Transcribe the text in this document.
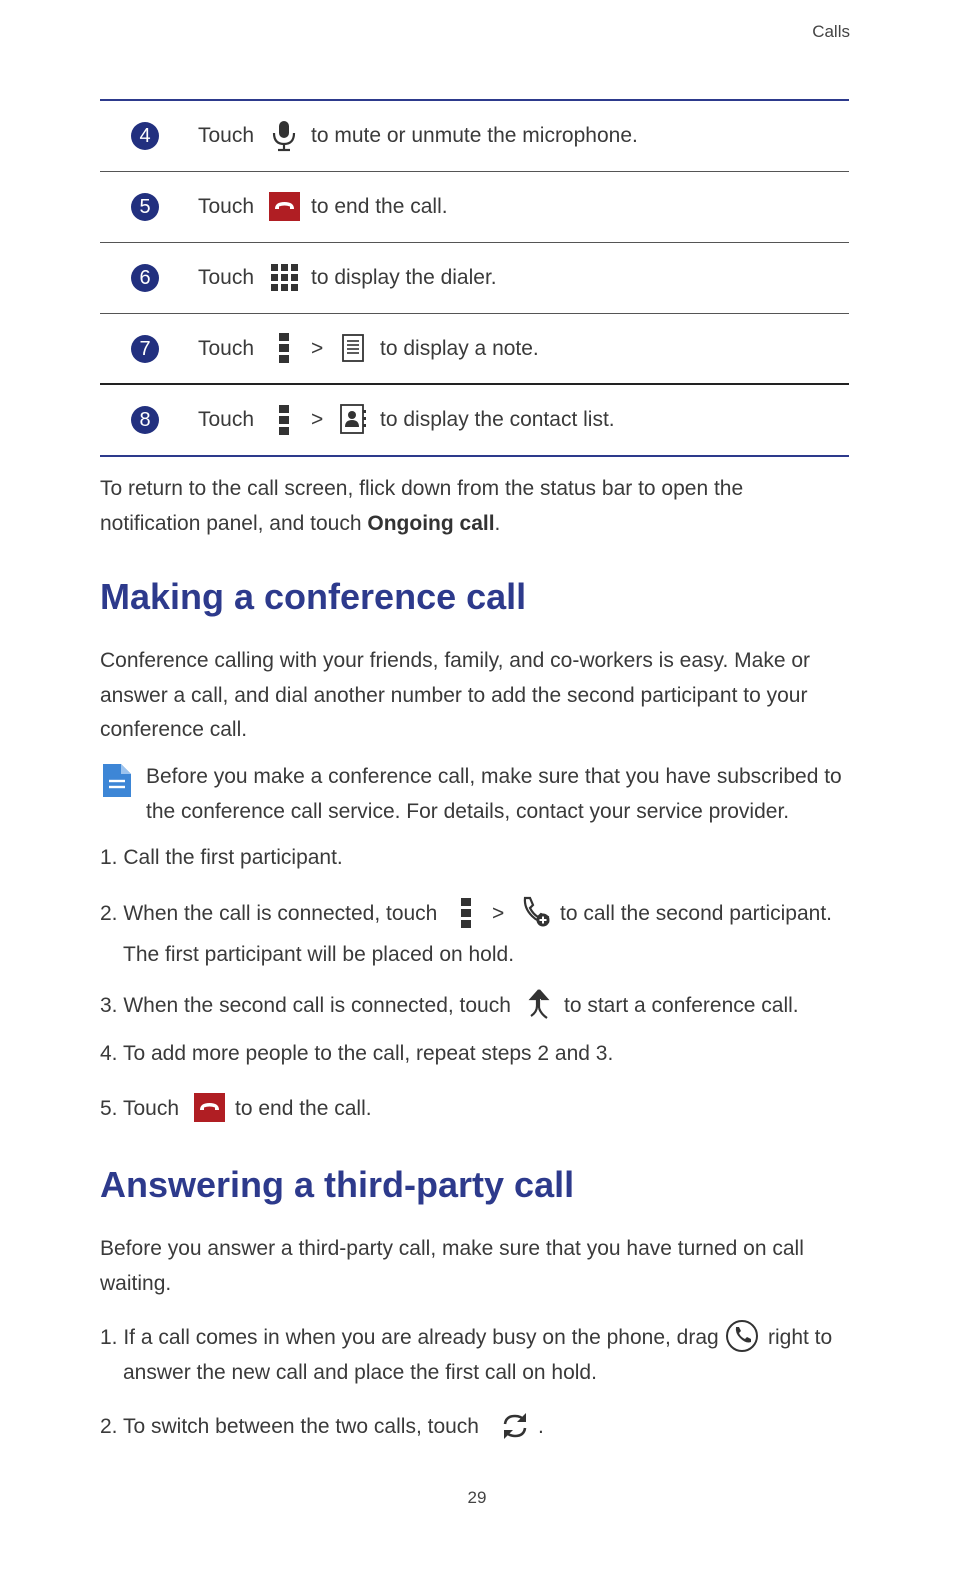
Calls
4	Touch	to mute or unmute the microphone.
5	Touch	to end the call.
6	Touch	to display the dialer.
7	Touch	>	to display a note.
8	Touch	>	to display the contact list.

To return to the call screen, flick down from the status bar to open the
notification panel, and touch Ongoing call.

Making a conference call

Conference calling with your friends, family, and co-workers is easy. Make or answer a call, and dial another number to add the second participant to your conference call.

Before you make a conference call, make sure that you have subscribed to the conference call service. For details, contact your service provider.

1. Call the first participant.
2. When the call is connected, touch	>	to call the second participant.
The first participant will be placed on hold.
3. When the second call is connected, touch	to start a conference call.
4. To add more people to the call, repeat steps 2 and 3.
5. Touch	to end the call.
Answering a third-party call

Before you answer a third-party call, make sure that you have turned on call waiting.

1. If a call comes in when you are already busy on the phone, drag right to
answer the new call and place the first call on hold.
2. To switch between the two calls, touch	.
29
